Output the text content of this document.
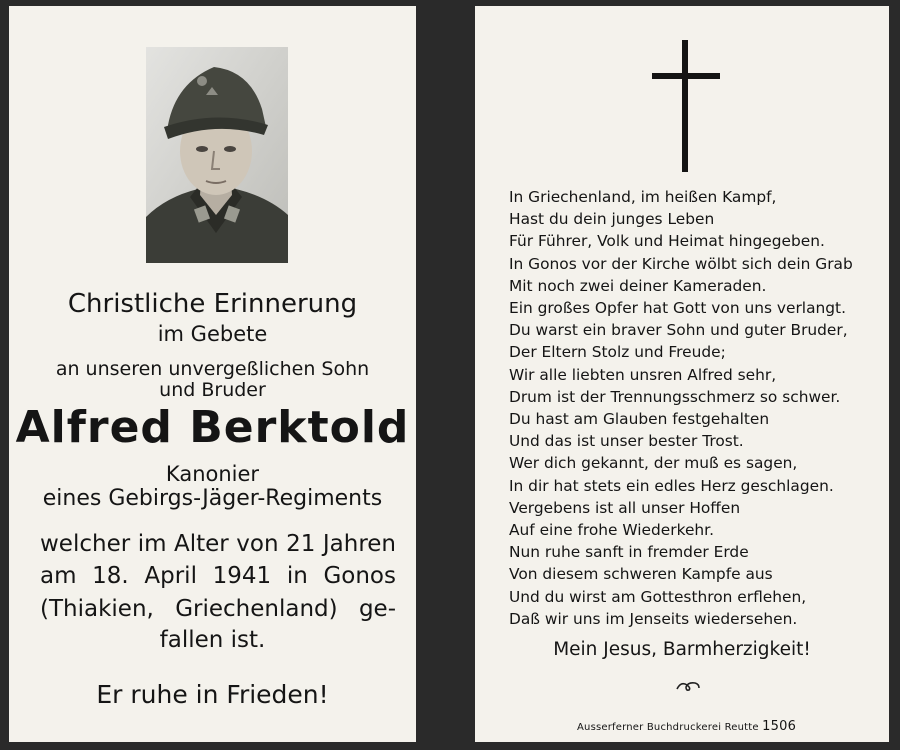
Christliche Erinnerung
im Gebete
an unseren unvergeßlichen Sohn
und Bruder
Alfred Berktold
Kanonier
eines Gebirgs-Jäger-Regiments
welcher im Alter von 21 Jahren
am 18. April 1941 in Gonos
(Thiakien, Griechenland) ge-
fallen ist.
Er ruhe in Frieden!
In Griechenland, im heißen Kampf,
Hast du dein junges Leben
Für Führer, Volk und Heimat hingegeben.
In Gonos vor der Kirche wölbt sich dein Grab
Mit noch zwei deiner Kameraden.
Ein großes Opfer hat Gott von uns verlangt.
Du warst ein braver Sohn und guter Bruder,
Der Eltern Stolz und Freude;
Wir alle liebten unsren Alfred sehr,
Drum ist der Trennungsschmerz so schwer.
Du hast am Glauben festgehalten
Und das ist unser bester Trost.
Wer dich gekannt, der muß es sagen,
In dir hat stets ein edles Herz geschlagen.
Vergebens ist all unser Hoffen
Auf eine frohe Wiederkehr.
Nun ruhe sanft in fremder Erde
Von diesem schweren Kampfe aus
Und du wirst am Gottesthron erflehen,
Daß wir uns im Jenseits wiedersehen.
Mein Jesus, Barmherzigkeit!
Ausserferner Buchdruckerei Reutte 1506
